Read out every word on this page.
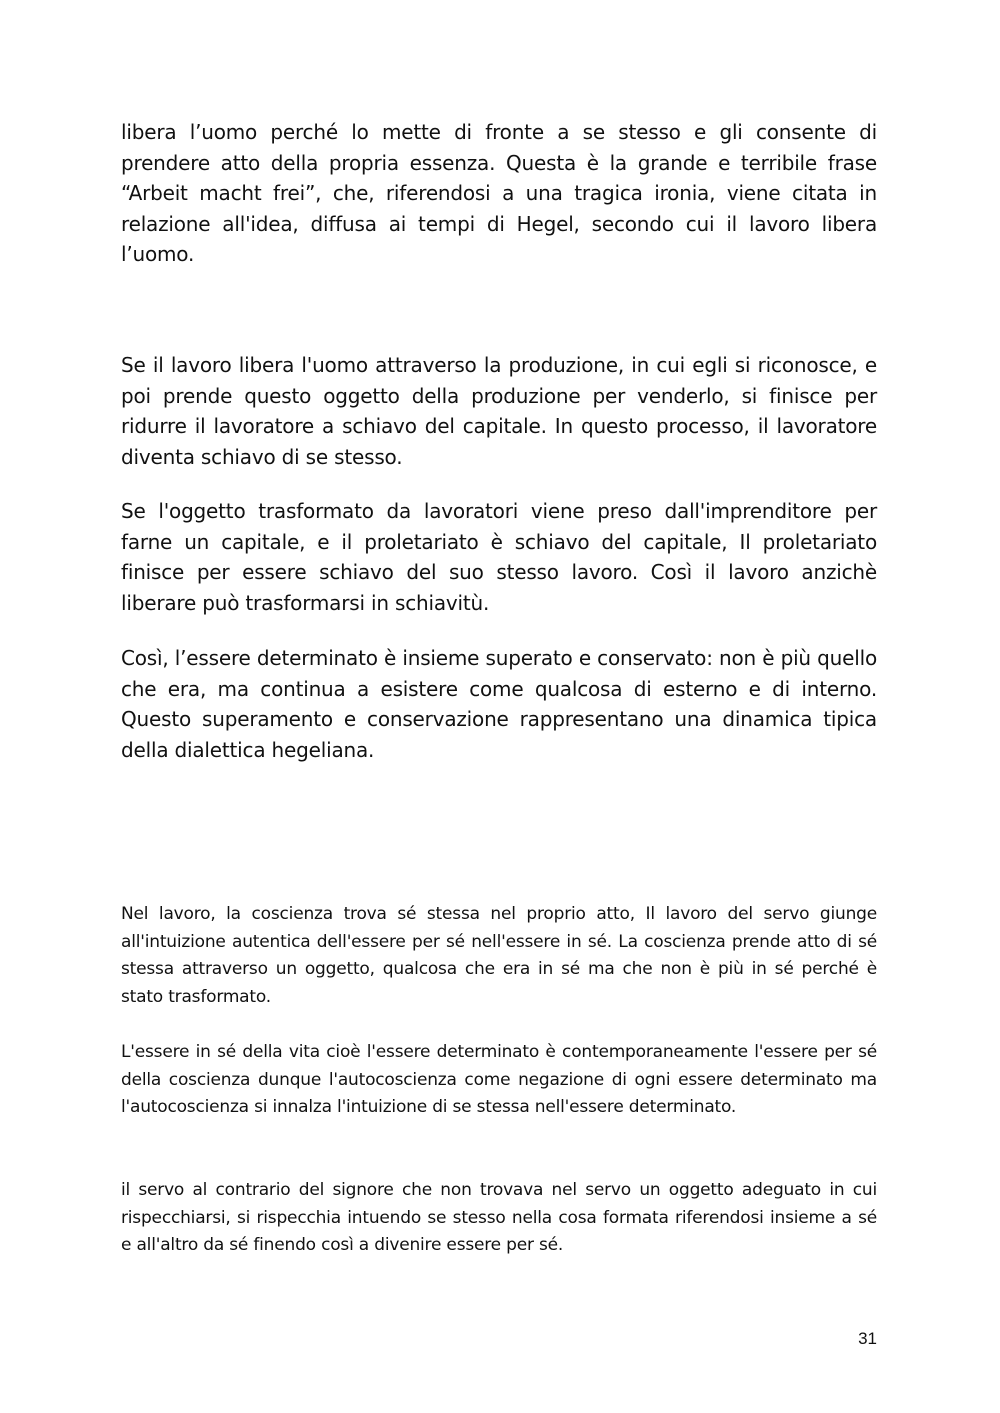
libera l’uomo perché lo mette di fronte a se stesso e gli consente di prendere atto della propria essenza. Questa è la grande e terribile frase “Arbeit macht frei”, che, riferendosi a una tragica ironia, viene citata in relazione all'idea, diffusa ai tempi di Hegel, secondo cui il lavoro libera l’uomo.

Se il lavoro libera l'uomo attraverso la produzione, in cui egli si riconosce, e poi prende questo oggetto della produzione per venderlo, si finisce per ridurre il lavoratore a schiavo del capitale. In questo processo, il lavoratore diventa schiavo di se stesso.

Se l'oggetto trasformato da lavoratori viene preso dall'imprenditore per farne un capitale, e il proletariato è schiavo del capitale, Il proletariato finisce per essere schiavo del suo stesso lavoro. Così il lavoro anzichè liberare può trasformarsi in schiavitù.

Così, l’essere determinato è insieme superato e conservato: non è più quello che era, ma continua a esistere come qualcosa di esterno e di interno. Questo superamento e conservazione rappresentano una dinamica tipica della dialettica hegeliana.

Nel lavoro, la coscienza trova sé stessa nel proprio atto, Il lavoro del servo giunge all'intuizione autentica dell'essere per sé nell'essere in sé. La coscienza prende atto di sé stessa attraverso un oggetto, qualcosa che era in sé ma che non è più in sé perché è stato trasformato.

L'essere in sé della vita cioè l'essere determinato è contemporaneamente l'essere per sé della coscienza dunque l'autocoscienza come negazione di ogni essere determinato ma l'autocoscienza si innalza l'intuizione di se stessa nell'essere determinato.

il servo al contrario del signore che non trovava nel servo un oggetto adeguato in cui rispecchiarsi, si rispecchia intuendo se stesso nella cosa formata riferendosi insieme a sé e all'altro da sé finendo così a divenire essere per sé.

31
